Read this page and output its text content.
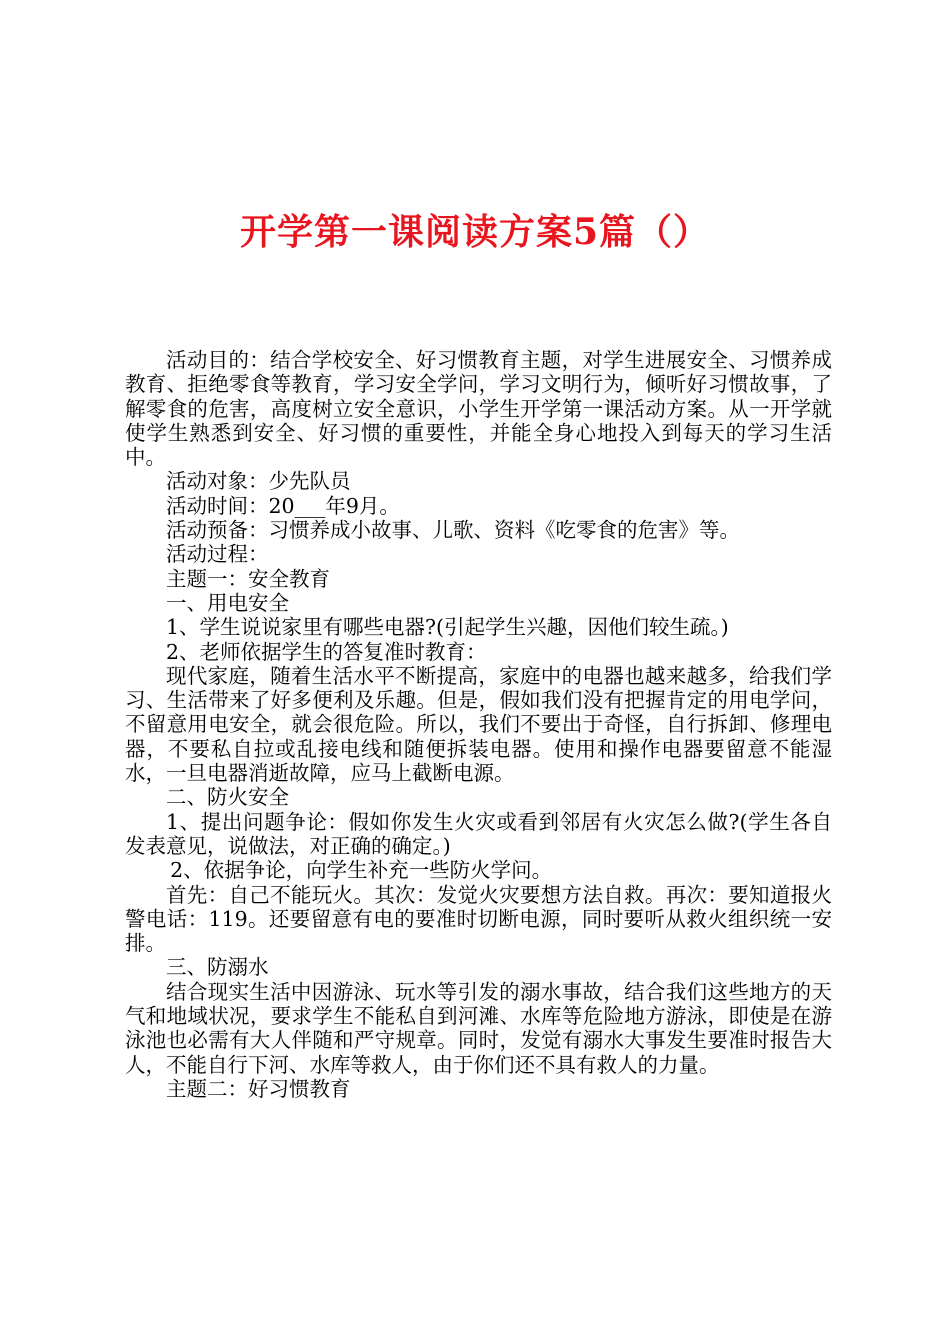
开学第一课阅读方案5篇（）

活动目的：结合学校安全、好习惯教育主题，对学生进展安全、习惯养成教育、拒绝零食等教育，学习安全学问，学习文明行为，倾听好习惯故事，了解零食的危害，高度树立安全意识，小学生开学第一课活动方案。从一开学就使学生熟悉到安全、好习惯的重要性，并能全身心地投入到每天的学习生活中。

活动对象：少先队员

活动时间：20___年9月。

活动预备：习惯养成小故事、儿歌、资料《吃零食的危害》等。

活动过程：

主题一：安全教育

一、用电安全

1、学生说说家里有哪些电器?(引起学生兴趣，因他们较生疏。)

2、老师依据学生的答复准时教育：

现代家庭，随着生活水平不断提高，家庭中的电器也越来越多，给我们学习、生活带来了好多便利及乐趣。但是，假如我们没有把握肯定的用电学问，不留意用电安全，就会很危险。所以，我们不要出于奇怪，自行拆卸、修理电器，不要私自拉或乱接电线和随便拆装电器。使用和操作电器要留意不能湿水，一旦电器消逝故障，应马上截断电源。

二、防火安全

1、提出问题争论：假如你发生火灾或看到邻居有火灾怎么做?(学生各自发表意见，说做法，对正确的确定。)

2、依据争论，向学生补充一些防火学问。

首先：自己不能玩火。其次：发觉火灾要想方法自救。再次：要知道报火警电话：119。还要留意有电的要准时切断电源，同时要听从救火组织统一安排。

三、防溺水

结合现实生活中因游泳、玩水等引发的溺水事故，结合我们这些地方的天气和地域状况，要求学生不能私自到河滩、水库等危险地方游泳，即使是在游泳池也必需有大人伴随和严守规章。同时，发觉有溺水大事发生要准时报告大人，不能自行下河、水库等救人，由于你们还不具有救人的力量。

主题二：好习惯教育
